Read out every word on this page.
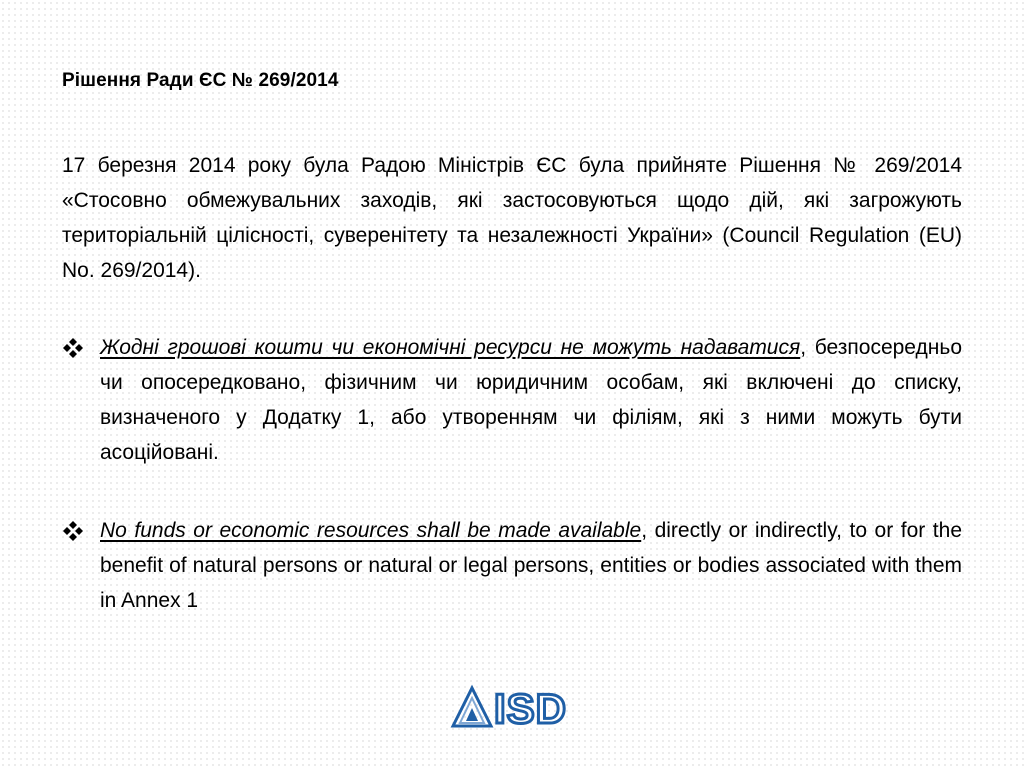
Рішення Ради ЄС № 269/2014
17 березня 2014 року була Радою Міністрів ЄС була прийняте Рішення № 269/2014 «Стосовно обмежувальних заходів, які застосовуються щодо дій, які загрожують територіальній цілісності, суверенітету та незалежності України» (Council Regulation (EU) No. 269/2014).
Жодні грошові кошти чи економічні ресурси не можуть надаватися, безпосередньо чи опосередковано, фізичним чи юридичним особам, які включені до списку, визначеного у Додатку 1, або утворенням чи філіям, які з ними можуть бути асоційовані.
No funds or economic resources shall be made available, directly or indirectly, to or for the benefit of natural persons or natural or legal persons, entities or bodies associated with them in Annex 1
ISD
